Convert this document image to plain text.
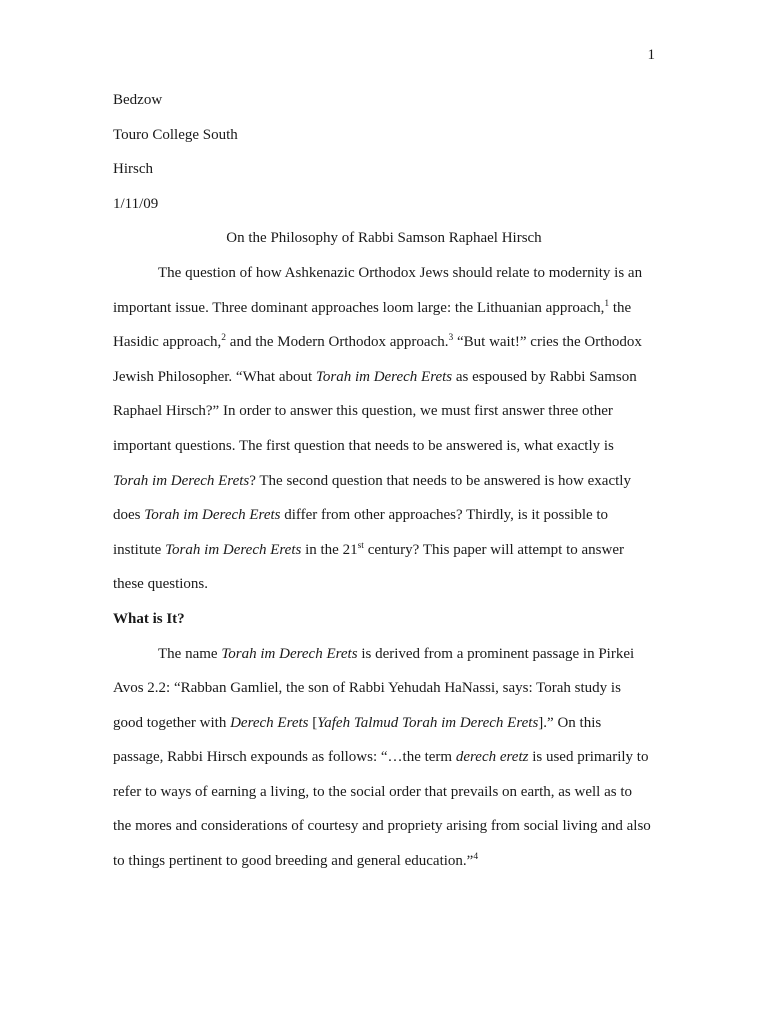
1
Bedzow
Touro College South
Hirsch
1/11/09
On the Philosophy of Rabbi Samson Raphael Hirsch
The question of how Ashkenazic Orthodox Jews should relate to modernity is an
important issue. Three dominant approaches loom large: the Lithuanian approach,$^1$ the
Hasidic approach,$^2$ and the Modern Orthodox approach.$^3$ “But wait!” cries the Orthodox
Jewish Philosopher. “What about Torah im Derech Erets as espoused by Rabbi Samson
Raphael Hirsch?” In order to answer this question, we must first answer three other
important questions. The first question that needs to be answered is, what exactly is
Torah im Derech Erets? The second question that needs to be answered is how exactly
does Torah im Derech Erets differ from other approaches? Thirdly, is it possible to
institute Torah im Derech Erets in the 21st century? This paper will attempt to answer
these questions.
What is It?
The name Torah im Derech Erets is derived from a prominent passage in Pirkei
Avos 2.2: “Rabban Gamliel, the son of Rabbi Yehudah HaNassi, says: Torah study is
good together with Derech Erets [Yafeh Talmud Torah im Derech Erets].” On this
passage, Rabbi Hirsch expounds as follows: “…the term derech eretz is used primarily to
refer to ways of earning a living, to the social order that prevails on earth, as well as to
the mores and considerations of courtesy and propriety arising from social living and also
to things pertinent to good breeding and general education.”$^4$
